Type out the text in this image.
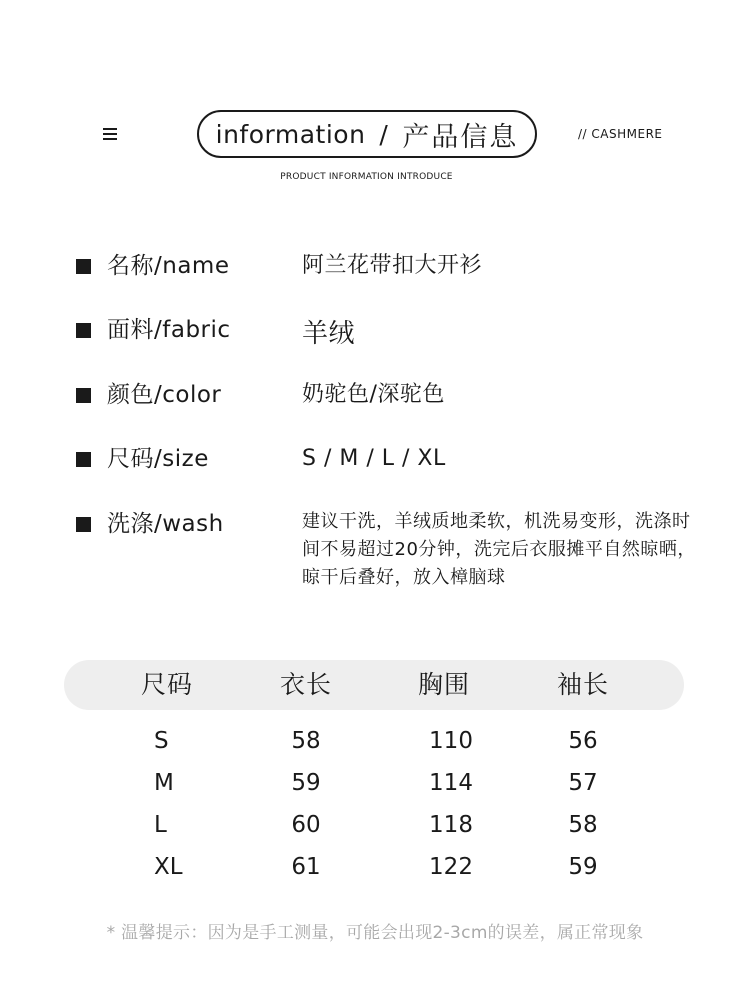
information / 产品信息	// CASHMERE
PRODUCT INFORMATION INTRODUCE
名称/name	阿兰花带扣大开衫
面料/fabric	羊绒
颜色/color	奶驼色/深驼色
尺码/size	S / M / L / XL
洗涤/wash	建议干洗，羊绒质地柔软，机洗易变形，洗涤时间不易超过20分钟，洗完后衣服摊平自然晾晒，晾干后叠好，放入樟脑球
尺码	衣长	胸围	袖长
S	58	110	56
M	59	114	57
L	60	118	58
XL	61	122	59
* 温馨提示：因为是手工测量，可能会出现2-3cm的误差，属正常现象
